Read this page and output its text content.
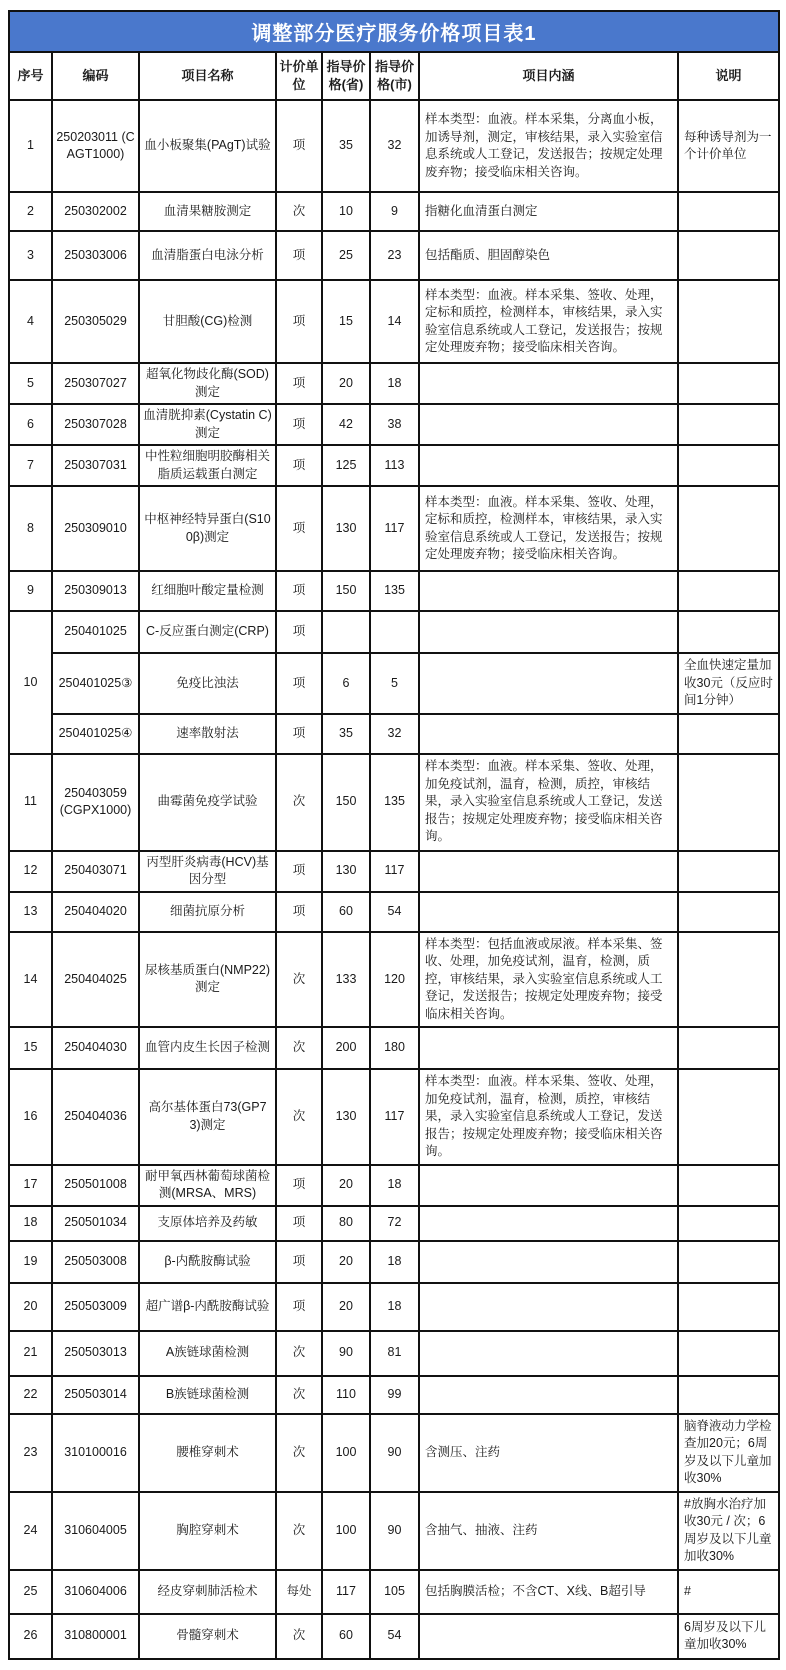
调整部分医疗服务价格项目表1							
序号	编码	项目名称	计价单位	指导价格(省)	指导价格(市)	项目内涵	说明
1	250203011 (CAGT1000)	血小板聚集(PAgT)试验	项	35	32	样本类型：血液。样本采集，分离血小板，加诱导剂，测定，审核结果，录入实验室信息系统或人工登记，发送报告；按规定处理废弃物；接受临床相关咨询。	每种诱导剂为一个计价单位
2	250302002	血清果糖胺测定	次	10	9	指糖化血清蛋白测定	
3	250303006	血清脂蛋白电泳分析	项	25	23	包括酯质、胆固醇染色	
4	250305029	甘胆酸(CG)检测	项	15	14	样本类型：血液。样本采集、签收、处理，定标和质控，检测样本，审核结果，录入实验室信息系统或人工登记，发送报告；按规定处理废弃物；接受临床相关咨询。	
5	250307027	超氧化物歧化酶(SOD)测定	项	20	18		
6	250307028	血清胱抑素(Cystatin C)测定	项	42	38		
7	250307031	中性粒细胞明胶酶相关脂质运载蛋白测定	项	125	113		
8	250309010	中枢神经特异蛋白(S100β)测定	项	130	117	样本类型：血液。样本采集、签收、处理，定标和质控，检测样本，审核结果，录入实验室信息系统或人工登记，发送报告；按规定处理废弃物；接受临床相关咨询。	
9	250309013	红细胞叶酸定量检测	项	150	135		
10	250401025	C-反应蛋白测定(CRP)	项				
	250401025③	免疫比浊法	项	6	5		全血快速定量加收30元（反应时间1分钟）
	250401025④	速率散射法	项	35	32		
11	250403059 (CGPX1000)	曲霉菌免疫学试验	次	150	135	样本类型：血液。样本采集、签收、处理，加免疫试剂，温育，检测，质控，审核结果，录入实验室信息系统或人工登记，发送报告；按规定处理废弃物；接受临床相关咨询。	
12	250403071	丙型肝炎病毒(HCV)基因分型	项	130	117		
13	250404020	细菌抗原分析	项	60	54		
14	250404025	尿核基质蛋白(NMP22)测定	次	133	120	样本类型：包括血液或尿液。样本采集、签收、处理，加免疫试剂，温育，检测，质控，审核结果，录入实验室信息系统或人工登记，发送报告；按规定处理废弃物；接受临床相关咨询。	
15	250404030	血管内皮生长因子检测	次	200	180		
16	250404036	高尔基体蛋白73(GP73)测定	次	130	117	样本类型：血液。样本采集、签收、处理，加免疫试剂，温育，检测，质控，审核结果，录入实验室信息系统或人工登记，发送报告；按规定处理废弃物；接受临床相关咨询。	
17	250501008	耐甲氧西林葡萄球菌检测(MRSA、MRS)	项	20	18		
18	250501034	支原体培养及药敏	项	80	72		
19	250503008	β-内酰胺酶试验	项	20	18		
20	250503009	超广谱β-内酰胺酶试验	项	20	18		
21	250503013	A族链球菌检测	次	90	81		
22	250503014	B族链球菌检测	次	110	99		
23	310100016	腰椎穿刺术	次	100	90	含测压、注药	脑脊液动力学检查加20元；6周岁及以下儿童加收30%
24	310604005	胸腔穿刺术	次	100	90	含抽气、抽液、注药	#放胸水治疗加收30元 / 次；6周岁及以下儿童加收30%
25	310604006	经皮穿刺肺活检术	每处	117	105	包括胸膜活检；不含CT、X线、B超引导	#
26	310800001	骨髓穿刺术	次	60	54		6周岁及以下儿童加收30%
